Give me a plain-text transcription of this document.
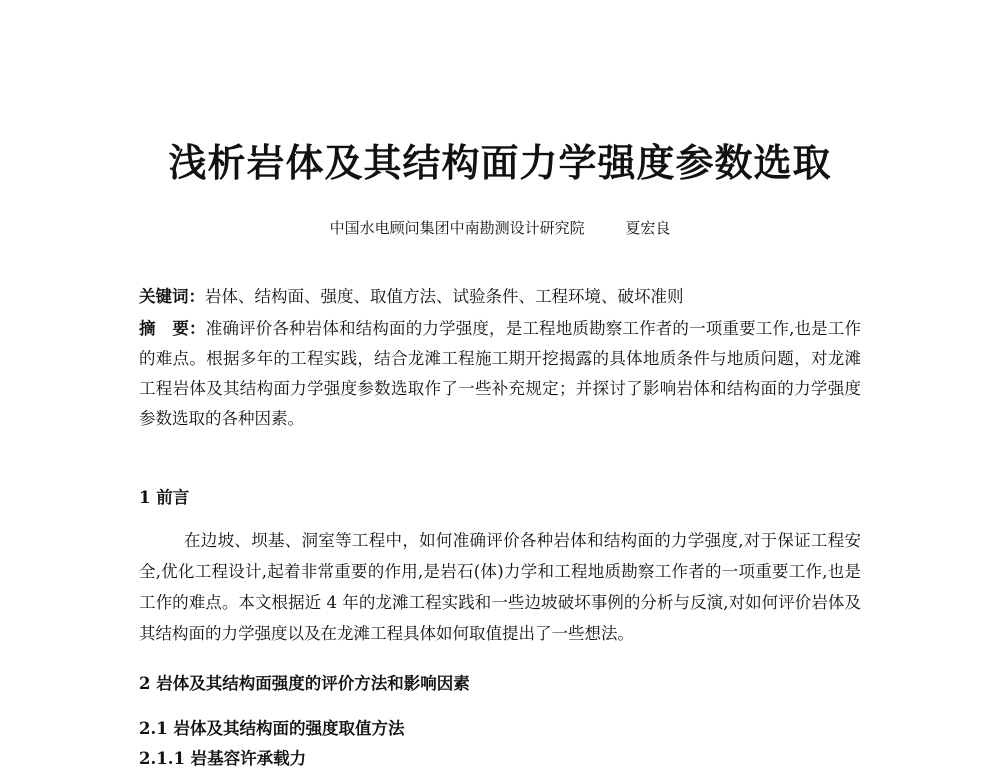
浅析岩体及其结构面力学强度参数选取
中国水电顾问集团中南勘测设计研究院	夏宏良
关键词：岩体、结构面、强度、取值方法、试验条件、工程环境、破坏准则
摘　要：准确评价各种岩体和结构面的力学强度，是工程地质勘察工作者的一项重要工作,也是工作的难点。根据多年的工程实践，结合龙滩工程施工期开挖揭露的具体地质条件与地质问题，对龙滩工程岩体及其结构面力学强度参数选取作了一些补充规定；并探讨了影响岩体和结构面的力学强度参数选取的各种因素。
1 前言
在边坡、坝基、洞室等工程中，如何准确评价各种岩体和结构面的力学强度,对于保证工程安全,优化工程设计,起着非常重要的作用,是岩石(体)力学和工程地质勘察工作者的一项重要工作,也是工作的难点。本文根据近 4 年的龙滩工程实践和一些边坡破坏事例的分析与反演,对如何评价岩体及其结构面的力学强度以及在龙滩工程具体如何取值提出了一些想法。
2 岩体及其结构面强度的评价方法和影响因素
2.1 岩体及其结构面的强度取值方法
2.1.1 岩基容许承载力
